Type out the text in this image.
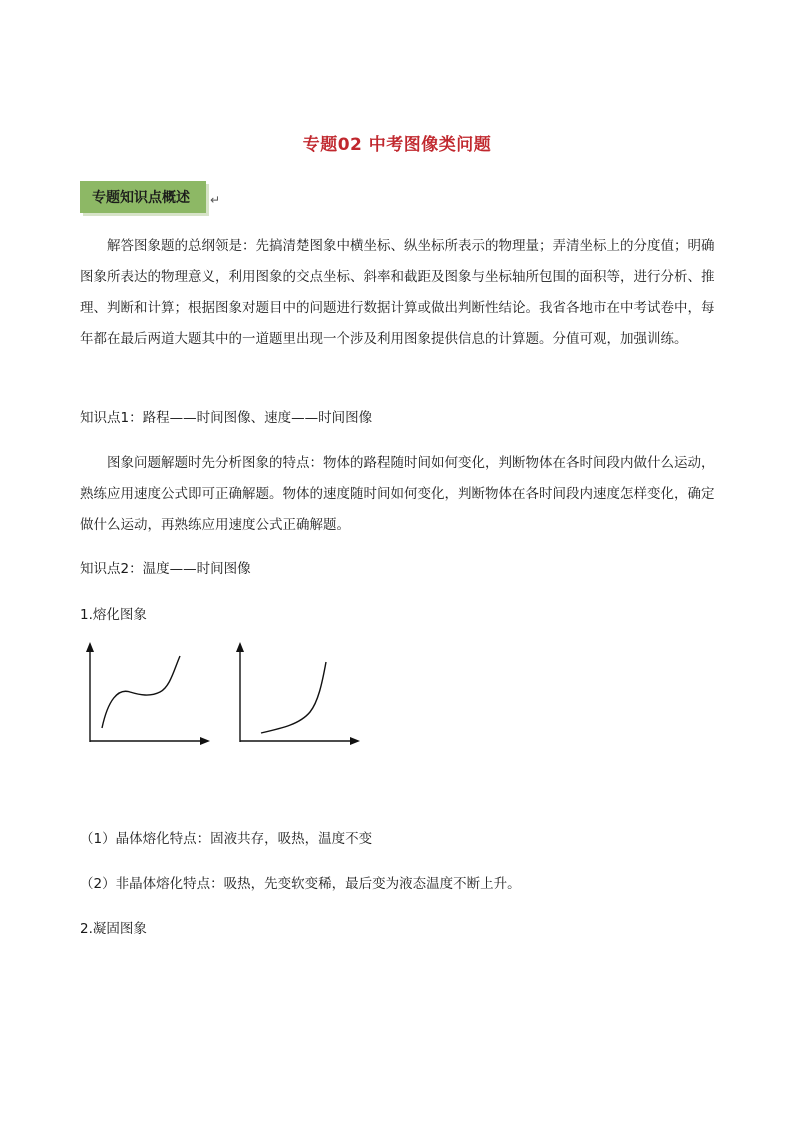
专题02 中考图像类问题
专题知识点概述 ↵
解答图象题的总纲领是：先搞清楚图象中横坐标、纵坐标所表示的物理量；弄清坐标上的分度值；明确图象所表达的物理意义，利用图象的交点坐标、斜率和截距及图象与坐标轴所包围的面积等，进行分析、推理、判断和计算；根据图象对题目中的问题进行数据计算或做出判断性结论。我省各地市在中考试卷中，每年都在最后两道大题其中的一道题里出现一个涉及利用图象提供信息的计算题。分值可观，加强训练。
知识点1：路程——时间图像、速度——时间图像
图象问题解题时先分析图象的特点：物体的路程随时间如何变化，判断物体在各时间段内做什么运动，熟练应用速度公式即可正确解题。物体的速度随时间如何变化，判断物体在各时间段内速度怎样变化，确定做什么运动，再熟练应用速度公式正确解题。
知识点2：温度——时间图像
1.熔化图象
（1）晶体熔化特点：固液共存，吸热，温度不变
（2）非晶体熔化特点：吸热，先变软变稀，最后变为液态温度不断上升。
2.凝固图象
